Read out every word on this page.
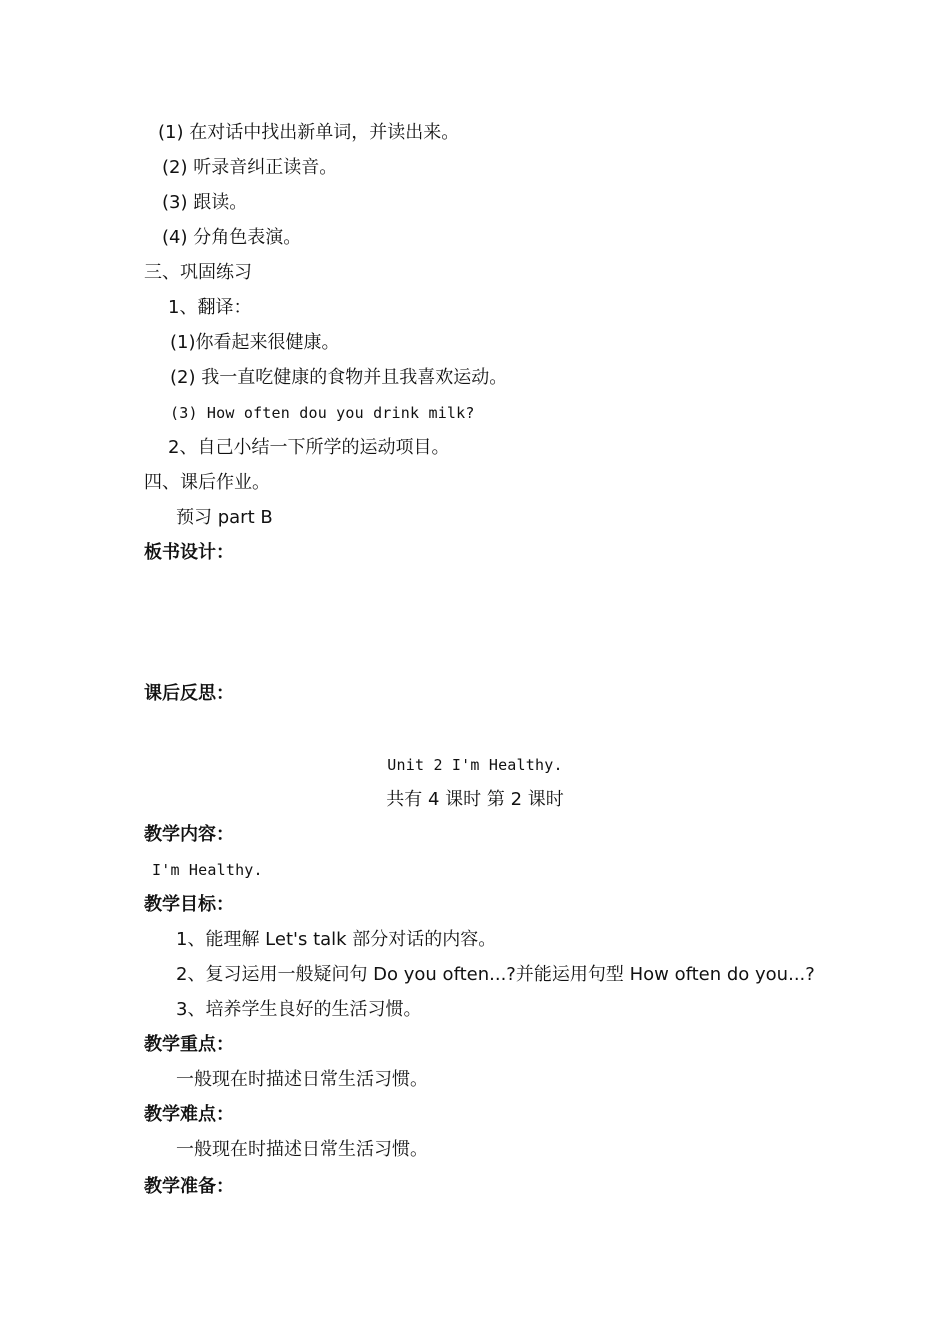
(1) 在对话中找出新单词，并读出来。
(2) 听录音纠正读音。
(3) 跟读。
(4) 分角色表演。
三、巩固练习
1、翻译：
(1)你看起来很健康。
(2) 我一直吃健康的食物并且我喜欢运动。
(3) How often dou you drink milk?
2、自己小结一下所学的运动项目。
四、课后作业。
预习 part B
板书设计：
课后反思：
Unit 2 I'm Healthy.
共有 4 课时 第 2 课时
教学内容：
I'm Healthy.
教学目标：
1、能理解 Let's talk 部分对话的内容。
2、复习运用一般疑问句 Do you often...?并能运用句型 How often do you...?
3、培养学生良好的生活习惯。
教学重点：
一般现在时描述日常生活习惯。
教学难点：
一般现在时描述日常生活习惯。
教学准备：
